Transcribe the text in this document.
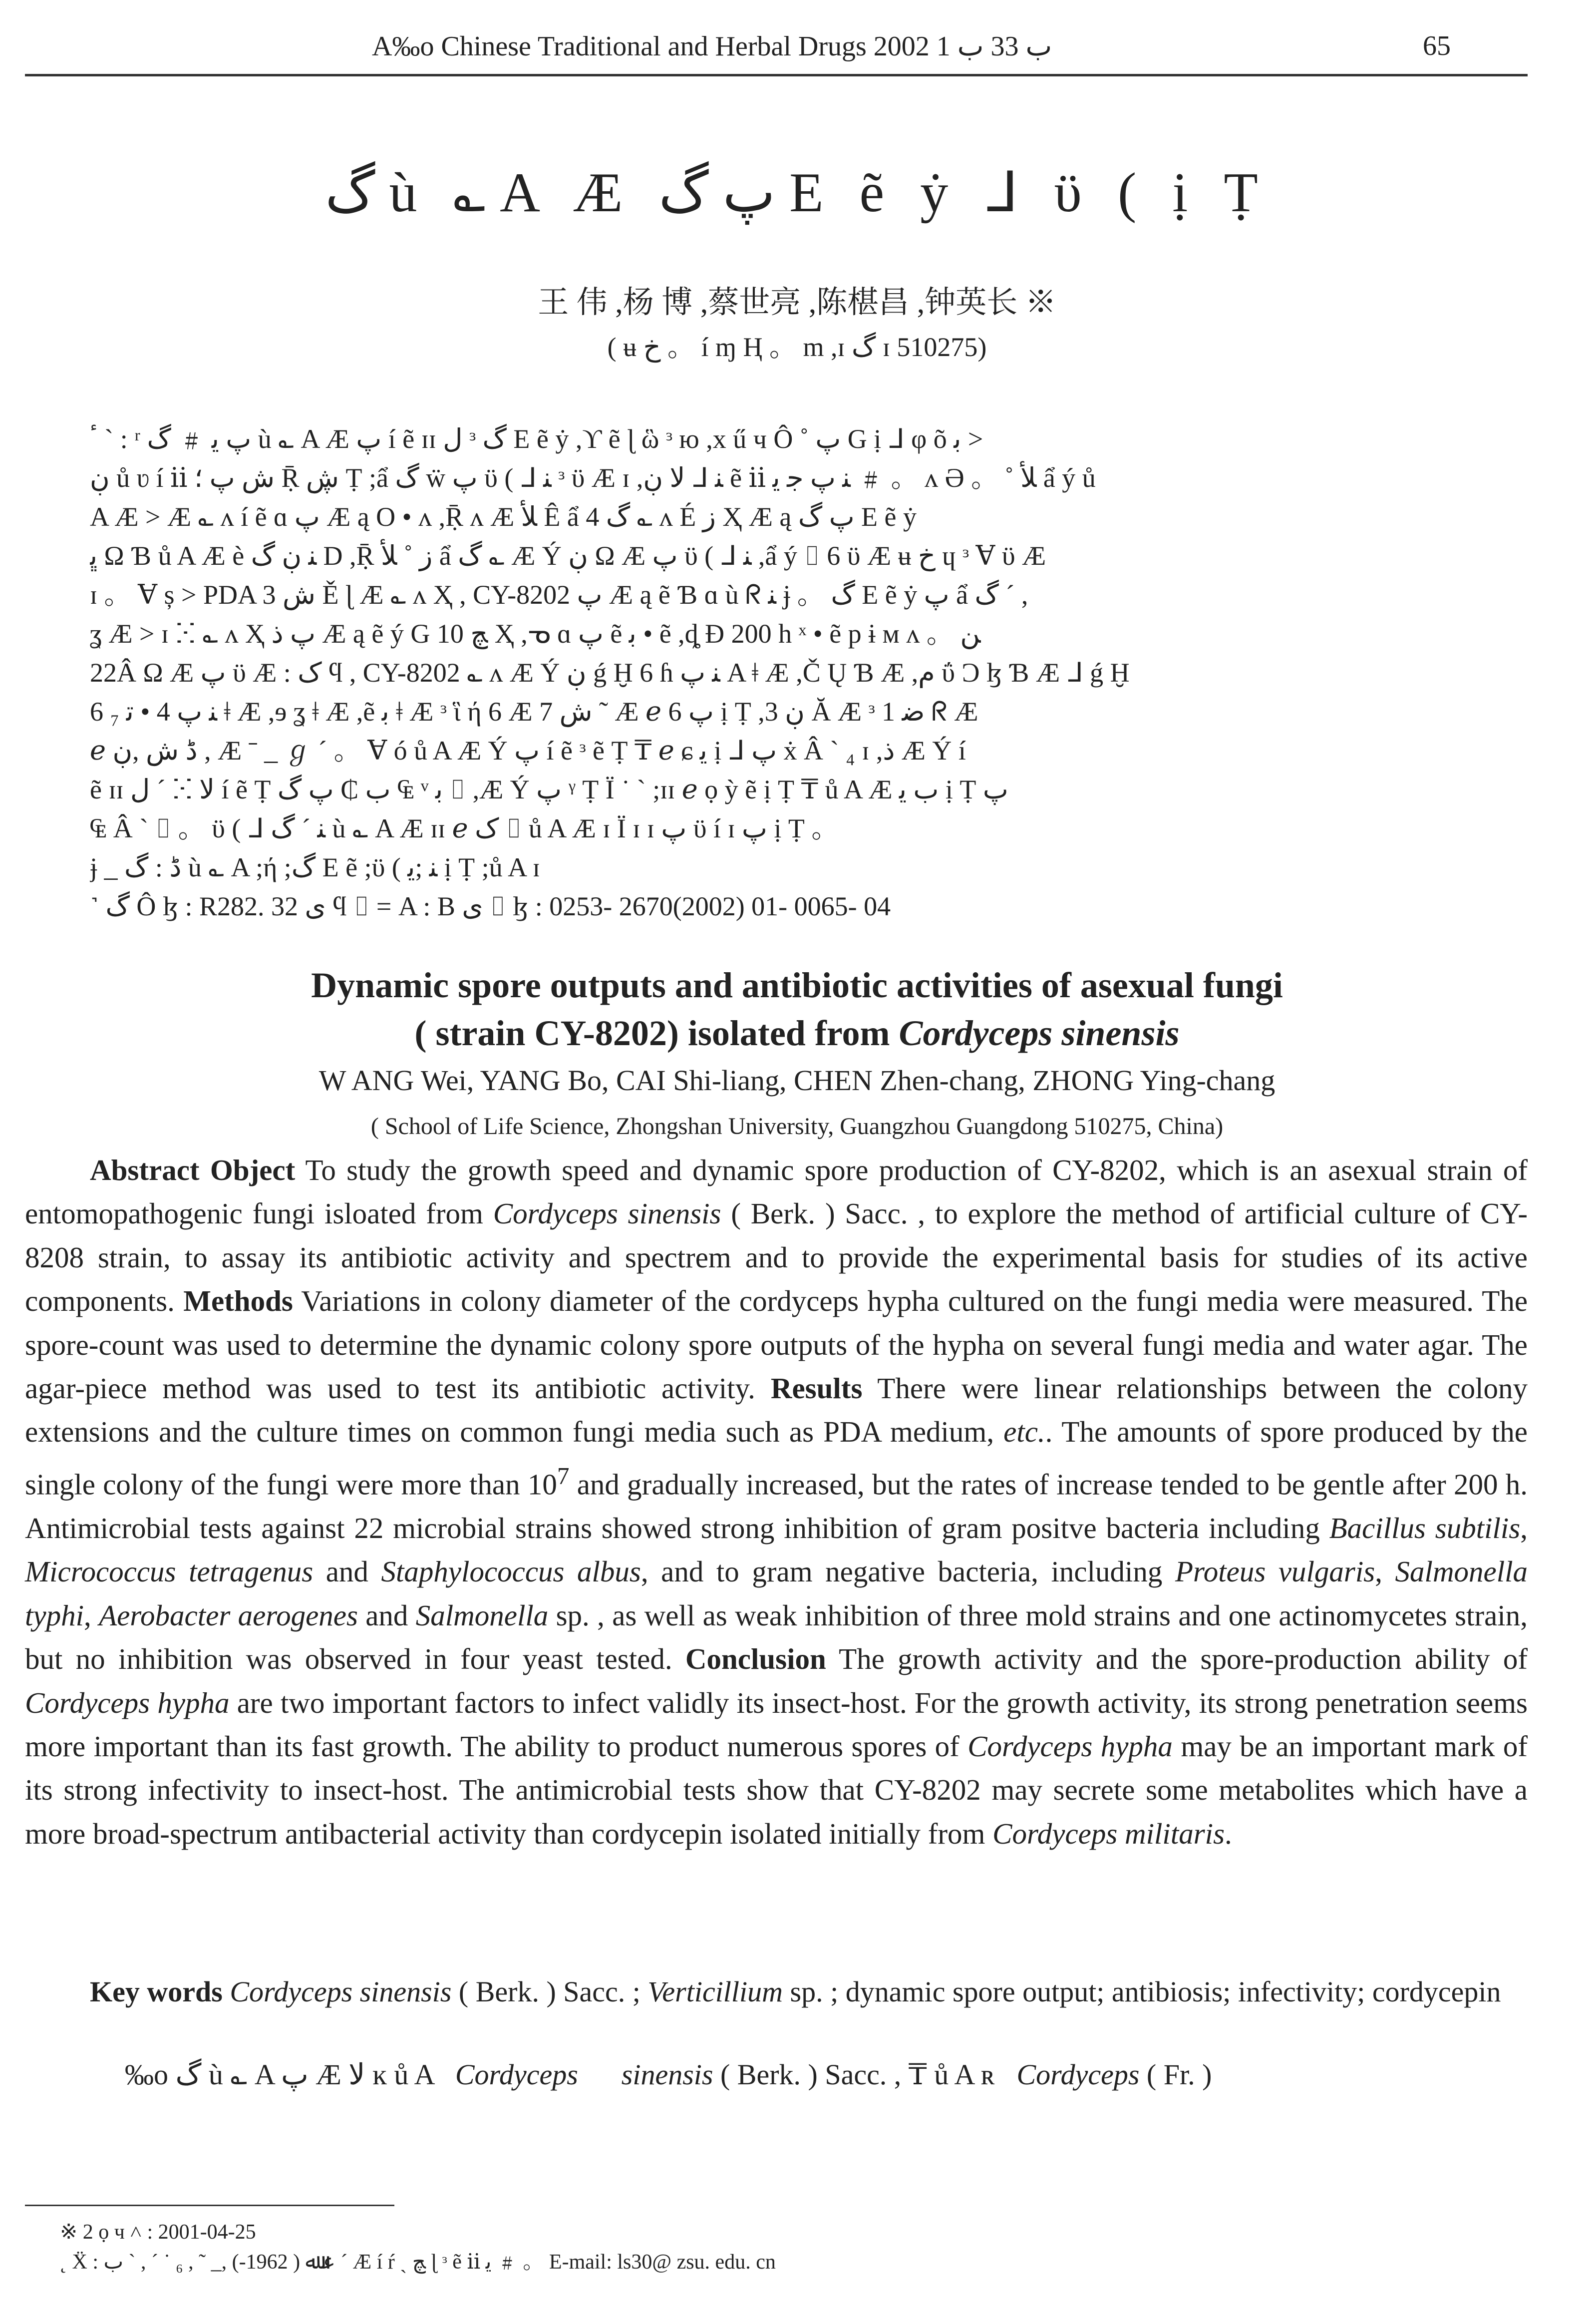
A‰o Chinese Traditional and Herbal Drugs 2002 ب 33 ب 1	65
گ ù ؎ A Æ پ گ E ẽ ẏ ᒧ ϋ ( ị Ṭ
王 伟 ,杨 博 ,蔡世亮 ,陈椹昌 ,钟英长 ※
( ʉ ﺥ 。 í ɱ Ⱨ 。 m ,ɪ گ ɪ 510275)
ٴ ˋ : ʳ پ ﻳ ﹟ گ ù ؎ A Æ پ í ẽ ɪɪ ل ᵌ گ E ẽ ẏ ,ϒ ẽ ɭ ὣ ᵌ ю ,x ű ч Ô ˚ پ G ị ᒧ φ õ ﺑ >
ڹ ů ʋ í ⅱ ش پ ؛ Ṝ ڜ Ṭ ;ẩ گ ẅ پ ϋ ( ᒧ ﻨ ᵌ ϋ Æ ɪ ,ﻻ ڹ ᒧ ﻨ ẽ ⅱ ﻨ پ ﺟ ﻳ ﹟ 。 ᴧ Ə 。 ˚ ﻸ ẩ ý ů
A Æ > Æ ؎ ᴧ í ẽ ɑ پ Æ ą Ο • ᴧ ,Ṝ ᴧ Æ ﻸ Ê ẩ گ 4 ؎ ᴧ É ز Ҳ Æ ą پ گ E ẽ ẏ
ﭜ Ω Ɓ ů A Æ è ﻨ ڹ گ D ,Ṝ ز ˚ ﻸ ẩ گ ؎ Æ Ý ڹ Ω Æ پ ϋ ( ᒧ ﻨ ,ẩ ý ⌷ 6 ϋ Æ ʉ ﺥ ɥ ᵌ Ɐ ϋ Æ
ɪ 。 Ɐ ș > PDA ش 3 Ě ɭ Æ ؎ ᴧ Ҳ , CY-8202 پ Æ ą ẽ Ɓ ɑ ù ᖇ ﻨ ɉ 。 گ E ẽ ẏ پ ẩ گ ˊ ,
ʓ Æ > ɪ ⵘ ؎ ᴧ Ҳ پ ذ Æ ą ẽ ý G ﭻ 10 Ҳ ,ᓀ ɑ پ ẽ ﺑ • ẽ ,ȡ Ɖ 200 h ˣ • ẽ p ɨ ᴍ ᴧ 。 ﻦ
22Â Ω Æ پ ϋ Æ : ک ϥ , CY-8202 ؎ ᴧ Æ Ý ڹ ǵ Ḫ 6 ɦ ﻨ پ A ǂ Æ ,Č Ų Ɓ Æ ,ﻡ ΰ Ɔ ɮ Ɓ Æ ᒧ ǵ Ḫ
6 ₇ ﻨ پ 4 • ﺗ ǂ Æ ,ɘ ʓ ǂ Æ ,ẽ ﺑ ǂ Æ ᵌ ἳ ή 6 Æ ش 7 ˜ Æ ℯ 6 پ ị Ṭ ,ڹ 3 Ă Æ ᵌ 1 ﺿ ᖇ Æ
ℯ ڈ ش ,ڹ , Æ ˉ _ ℊ ˊ 。 Ɐ ó ů A Æ Ý پ í ẽ ᵌ ẽ Ṭ ₸ ℯ ɕ ﻳ ị ᒧ پ ẋ Â ˋ ₄ ɪ ,ذ Æ Ý í
ẽ ɪɪ ل ˊ ⵘ ﻻ í ẽ Ṭ ب ₵ پ گ ₠ ᵛ ﺑ ⌷ ,Æ Ý پ ᵞ Ṭ Ï ˙ ˋ ;ɪɪ ℯ ọ ỳ ẽ ị Ṭ ₸ ů A Æ ب ﻳ ị Ṭ پ
₠ Â ˋ ⌷ 。 ϋ ( ᒧ ﻨ ˊ گ ù ؎ A Æ ɪɪ ℯ ک ⌷ ů A Æ ɪ Ï ɪ ɪ پ ϋ í ɪ پ ị Ṭ 。
ɉ _ ڈ : گ ù ؎ A ;ή ;گ E ẽ ;ϋ ( ﻨ ;ﻳ ị Ṭ ;ů A ɪ
˺ گ Ô ɮ : R282. 32 ﻯ ϥ ⌷ = A : B ﻯ ⌷ ɮ : 0253- 2670(2002) 01- 0065- 04
Dynamic spore outputs and antibiotic activities of asexual fungi
( strain CY-8202) isolated from Cordyceps sinensis
W ANG Wei, YANG Bo, CAI Shi-liang, CHEN Zhen-chang, ZHONG Ying-chang
( School of Life Science, Zhongshan University, Guangzhou Guangdong 510275, China)

Abstract Object To study the growth speed and dynamic spore production of CY-8202, which is an asexual strain of entomopathogenic fungi isloated from Cordyceps sinensis ( Berk. ) Sacc. , to explore the method of artificial culture of CY-8208 strain, to assay its antibiotic activity and spectrem and to provide the experimental basis for studies of its active components. Methods Variations in colony diameter of the cordyceps hypha cultured on the fungi media were measured. The spore-count was used to determine the dynamic colony spore outputs of the hypha on several fungi media and water agar. The agar-piece method was used to test its antibiotic activity. Results There were linear relationships between the colony extensions and the culture times on common fungi media such as PDA medium, etc.. The amounts of spore produced by the single colony of the fungi were more than $10^7$ and gradually increased, but the rates of increase tended to be gentle after 200 h. Antimicrobial tests against 22 microbial strains showed strong inhibition of gram positve bacteria including Bacillus subtilis, Micrococcus tetragenus and Staphylococcus albus, and to gram negative bacteria, including Proteus vulgaris, Salmonella typhi, Aerobacter aerogenes and Salmonella sp. , as well as weak inhibition of three mold strains and one actinomycetes strain, but no inhibition was observed in four yeast tested. Conclusion The growth activity and the spore-production ability of Cordyceps hypha are two important factors to infect validly its insect-host. For the growth activity, its strong penetration seems more important than its fast growth. The ability to product numerous spores of Cordyceps hypha may be an important mark of its strong infectivity to insect-host. The antimicrobial tests show that CY-8202 may secrete some metabolites which have a more broad-spectrum antibacterial activity than cordycepin isolated initially from Cordyceps militaris.

Key words Cordyceps sinensis ( Berk. ) Sacc. ; Verticillium sp. ; dynamic spore output; antibiosis; infectivity; cordycepin

‰o گ ù ؎ A پ Æ ﻻ ĸ ů A Cordyceps sinensis ( Berk. ) Sacc. , ₸ ů A ʀ Cordyceps ( Fr. )
※ 2 ọ ч ˄ : 2001-04-25
˛ Ẍ : ﻋ ﷲ ( 1962-) ,_ ˜ , ₆ ˙ ˊ , ˋ ب ˊ Æ í ŕ ˎ ﭻ ɭ ᵌ ẽ ⅱ ﻳ ﹟ 。 E-mail: ls30@ zsu. edu. cn
